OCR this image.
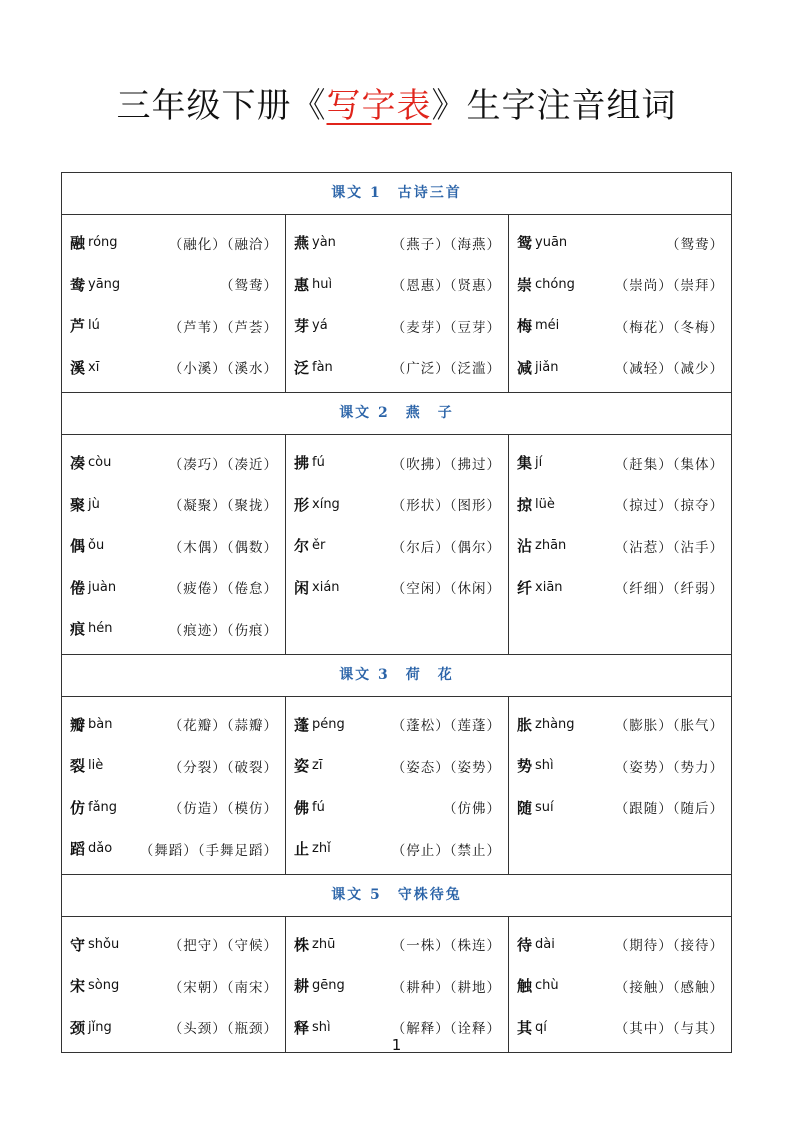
三年级下册《写字表》生字注音组词
课文 1　古诗三首
融 róng	（融化）（融洽）
鸯 yāng	（鸳鸯）
芦 lú	（芦苇）（芦荟）
溪 xī	（小溪）（溪水）
燕 yàn	（燕子）（海燕）
惠 huì	（恩惠）（贤惠）
芽 yá	（麦芽）（豆芽）
泛 fàn	（广泛）（泛滥）
鸳 yuān	（鸳鸯）
崇 chóng	（崇尚）（崇拜）
梅 méi	（梅花）（冬梅）
减 jiǎn	（减轻）（减少）
课文 2　燕　子
凑 còu	（凑巧）（凑近）
聚 jù	（凝聚）（聚拢）
偶 ǒu	（木偶）（偶数）
倦 juàn	（疲倦）（倦怠）
痕 hén	（痕迹）（伤痕）
拂 fú	（吹拂）（拂过）
形 xíng	（形状）（图形）
尔 ěr	（尔后）（偶尔）
闲 xián	（空闲）（休闲）
集 jí	（赶集）（集体）
掠 lüè	（掠过）（掠夺）
沾 zhān	（沾惹）（沾手）
纤 xiān	（纤细）（纤弱）
课文 3　荷　花
瓣 bàn	（花瓣）（蒜瓣）
裂 liè	（分裂）（破裂）
仿 fǎng	（仿造）（模仿）
蹈 dǎo （舞蹈）（手舞足蹈）
蓬 péng	（蓬松）（莲蓬）
姿 zī	（姿态）（姿势）
佛 fú	（仿佛）
止 zhǐ	（停止）（禁止）
胀 zhàng	（膨胀）（胀气）
势 shì	（姿势）（势力）
随 suí	（跟随）（随后）
课文 5　守株待兔
守 shǒu	（把守）（守候）
宋 sòng	（宋朝）（南宋）
颈 jǐng	（头颈）（瓶颈）
株 zhū	（一株）（株连）
耕 gēng	（耕种）（耕地）
释 shì	（解释）（诠释）
待 dài	（期待）（接待）
触 chù	（接触）（感触）
其 qí	（其中）（与其）
1
